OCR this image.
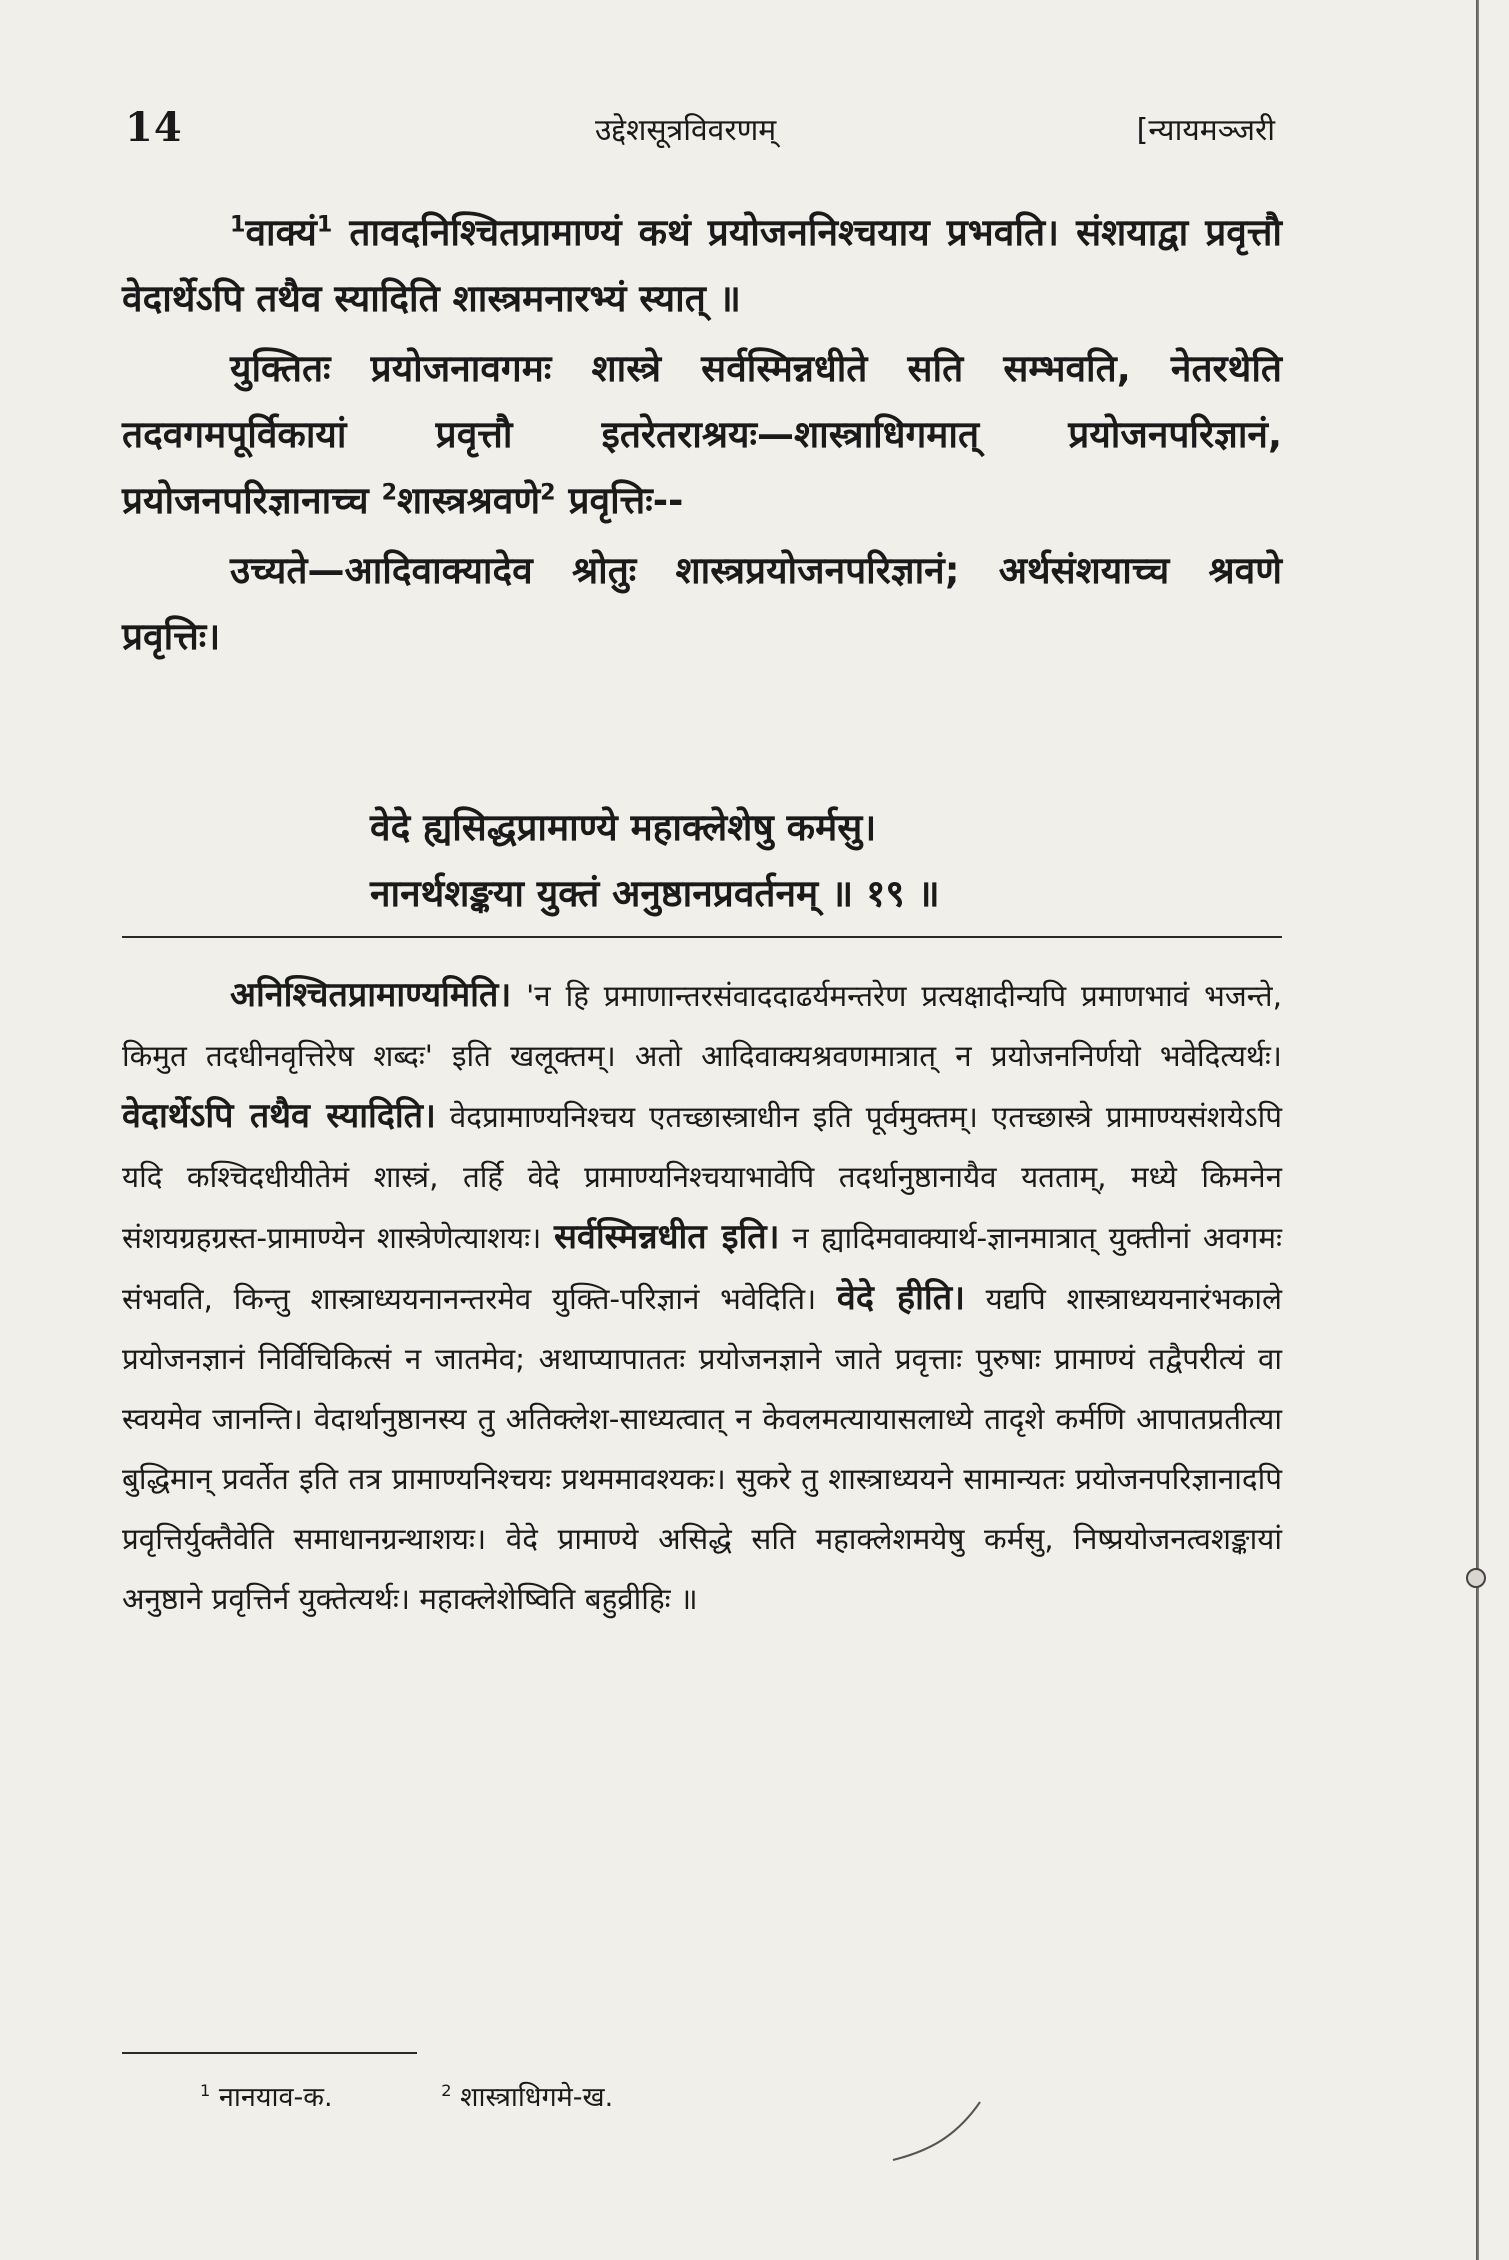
14	उद्देशसूत्रविवरणम्	[न्यायमञ्जरी

$^1$वाक्यं$^1$ तावदनिश्चितप्रामाण्यं कथं प्रयोजननिश्चयाय प्रभवति। संशयाद्वा प्रवृत्तौ वेदार्थेऽपि तथैव स्यादिति शास्त्रमनारभ्यं स्यात् ॥

युक्तितः प्रयोजनावगमः शास्त्रे सर्वस्मिन्नधीते सति सम्भवति, नेतरथेति तदवगमपूर्विकायां प्रवृत्तौ इतरेतराश्रयः—शास्त्राधिगमात् प्रयोजनपरिज्ञानं, प्रयोजनपरिज्ञानाच्च $^2$शास्त्रश्रवणे$^2$ प्रवृत्तिः--

उच्यते—आदिवाक्यादेव श्रोतुः शास्त्रप्रयोजनपरिज्ञानं; अर्थसंशयाच्च श्रवणे प्रवृत्तिः।

वेदे ह्यसिद्धप्रामाण्ये महाक्लेशेषु कर्मसु।
नानर्थशङ्कया युक्तं अनुष्ठानप्रवर्तनम् ॥ १९ ॥

अनिश्चितप्रामाण्यमिति। 'न हि प्रमाणान्तरसंवाददाढर्यमन्तरेण प्रत्यक्षादीन्यपि प्रमाणभावं भजन्ते, किमुत तदधीनवृत्तिरेष शब्दः' इति खलूक्तम्। अतो आदिवाक्यश्रवणमात्रात् न प्रयोजननिर्णयो भवेदित्यर्थः। वेदार्थेऽपि तथैव स्यादिति। वेदप्रामाण्यनिश्चय एतच्छास्त्राधीन इति पूर्वमुक्तम्। एतच्छास्त्रे प्रामाण्यसंशयेऽपि यदि कश्चिदधीयीतेमं शास्त्रं, तर्हि वेदे प्रामाण्यनिश्चयाभावेपि तदर्थानुष्ठानायैव यतताम्, मध्ये किमनेन संशयग्रहग्रस्त-प्रामाण्येन शास्त्रेणेत्याशयः। सर्वस्मिन्नधीत इति। न ह्यादिमवाक्यार्थ-ज्ञानमात्रात् युक्तीनां अवगमः संभवति, किन्तु शास्त्राध्ययनानन्तरमेव युक्ति-परिज्ञानं भवेदिति। वेदे हीति। यद्यपि शास्त्राध्ययनारंभकाले प्रयोजनज्ञानं निर्विचिकित्सं न जातमेव; अथाप्यापाततः प्रयोजनज्ञाने जाते प्रवृत्ताः पुरुषाः प्रामाण्यं तद्वैपरीत्यं वा स्वयमेव जानन्ति। वेदार्थानुष्ठानस्य तु अतिक्लेश-साध्यत्वात् न केवलमत्यायासलाध्ये तादृशे कर्मणि आपातप्रतीत्या बुद्धिमान् प्रवर्तेत इति तत्र प्रामाण्यनिश्चयः प्रथममावश्यकः। सुकरे तु शास्त्राध्ययने सामान्यतः प्रयोजनपरिज्ञानादपि प्रवृत्तिर्युक्तैवेति समाधानग्रन्थाशयः। वेदे प्रामाण्ये असिद्धे सति महाक्लेशमयेषु कर्मसु, निष्प्रयोजनत्वशङ्कायां अनुष्ठाने प्रवृत्तिर्न युक्तेत्यर्थः। महाक्लेशेष्विति बहुव्रीहिः ॥

$^1$ नानयाव-क.	$^2$ शास्त्राधिगमे-ख.
